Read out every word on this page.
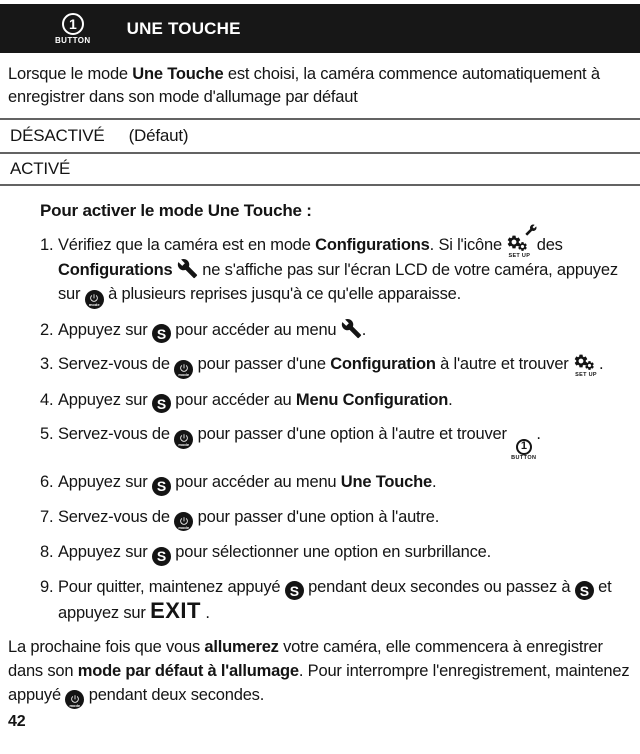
1
BUTTON
UNE TOUCHE

Lorsque le mode Une Touche est choisi, la caméra commence automatiquement à enregistrer dans son mode d'allumage par défaut

DÉSACTIVÉ (Défaut)
ACTIVÉ
Pour activer le mode Une Touche :
1. Vérifiez que la caméra est en mode Configurations. Si l'icône
SET UP
des Configurations  ne s'affiche pas sur l'écran LCD de votre caméra, appuyez sur
mode
à plusieurs reprises jusqu'à ce qu'elle apparaisse.
2. Appuyez sur S pour accéder au menu .
3. Servez-vous de
mode
pour passer d'une Configuration à l'autre et trouver
SET UP
.
4. Appuyez sur S pour accéder au Menu Configuration.
5. Servez-vous de
mode
pour passer d'une option à l'autre et trouver
1
BUTTON
.
6. Appuyez sur S pour accéder au menu Une Touche.
7. Servez-vous de
mode
pour passer d'une option à l'autre.
8. Appuyez sur S pour sélectionner une option en surbrillance.
9. Pour quitter, maintenez appuyé S pendant deux secondes ou passez à S et appuyez sur EXIT .

La prochaine fois que vous allumerez votre caméra, elle commencera à enregistrer dans son mode par défaut à l'allumage. Pour interrompre l'enregistrement, maintenez appuyé
mode
pendant deux secondes.

42
